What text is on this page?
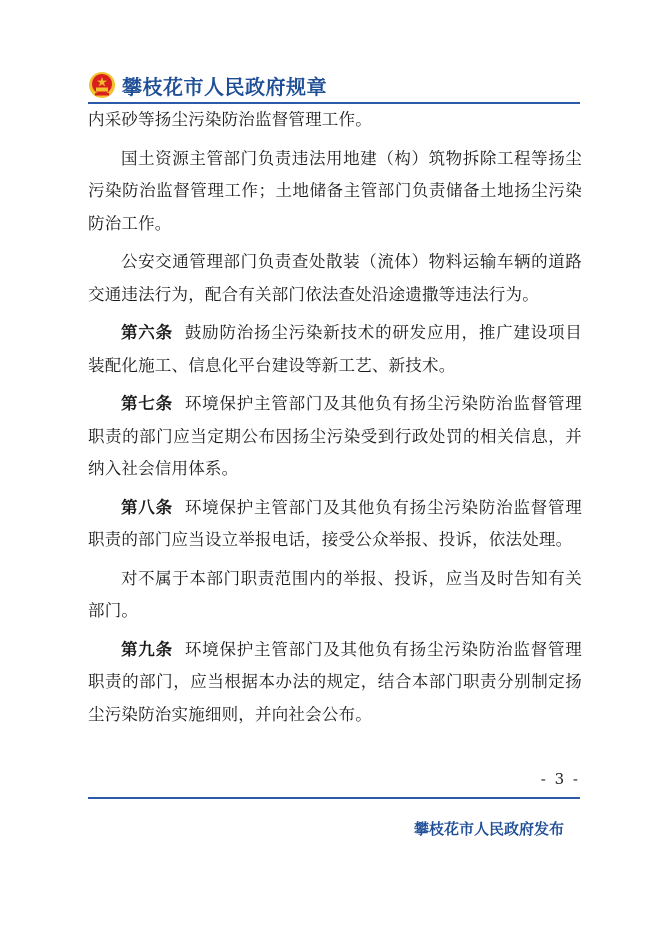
攀枝花市人民政府规章

内采砂等扬尘污染防治监督管理工作。

国土资源主管部门负责违法用地建（构）筑物拆除工程等扬尘污染防治监督管理工作；土地储备主管部门负责储备土地扬尘污染防治工作。

公安交通管理部门负责查处散装（流体）物料运输车辆的道路交通违法行为，配合有关部门依法查处沿途遗撒等违法行为。

第六条 鼓励防治扬尘污染新技术的研发应用，推广建设项目装配化施工、信息化平台建设等新工艺、新技术。

第七条 环境保护主管部门及其他负有扬尘污染防治监督管理职责的部门应当定期公布因扬尘污染受到行政处罚的相关信息，并纳入社会信用体系。

第八条 环境保护主管部门及其他负有扬尘污染防治监督管理职责的部门应当设立举报电话，接受公众举报、投诉，依法处理。

对不属于本部门职责范围内的举报、投诉，应当及时告知有关部门。

第九条 环境保护主管部门及其他负有扬尘污染防治监督管理职责的部门，应当根据本办法的规定，结合本部门职责分别制定扬尘污染防治实施细则，并向社会公布。

- 3 -
攀枝花市人民政府发布
